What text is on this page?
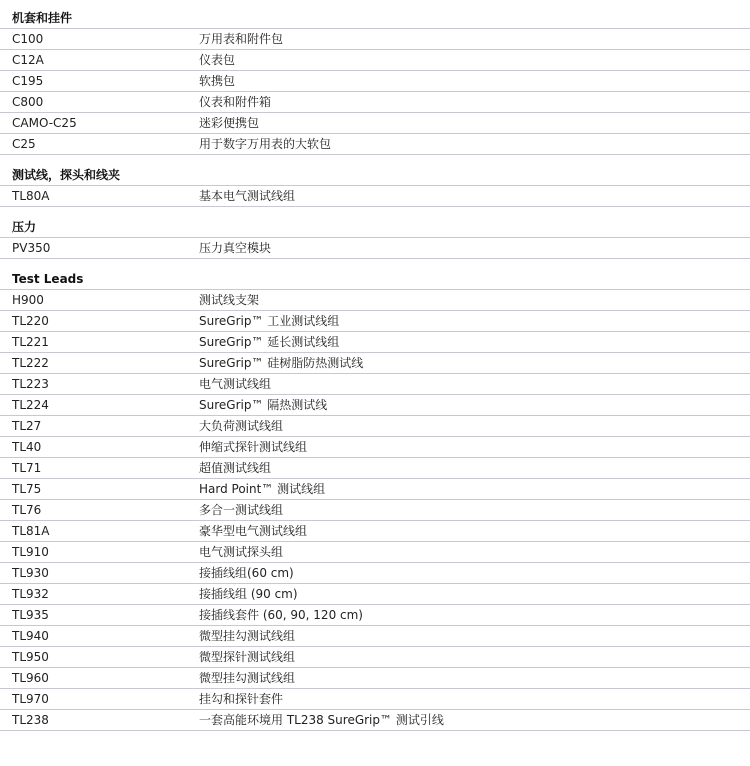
机套和挂件
C100	万用表和附件包
C12A	仪表包
C195	软携包
C800	仪表和附件箱
CAMO-C25	迷彩便携包
C25	用于数字万用表的大软包
测试线，探头和线夹
TL80A	基本电气测试线组
压力
PV350	压力真空模块
Test Leads
H900	测试线支架
TL220	SureGrip™ 工业测试线组
TL221	SureGrip™ 延长测试线组
TL222	SureGrip™ 硅树脂防热测试线
TL223	电气测试线组
TL224	SureGrip™ 隔热测试线
TL27	大负荷测试线组
TL40	伸缩式探针测试线组
TL71	超值测试线组
TL75	Hard Point™ 测试线组
TL76	多合一测试线组
TL81A	豪华型电气测试线组
TL910	电气测试探头组
TL930	接插线组(60 cm)
TL932	接插线组 (90 cm)
TL935	接插线套件 (60, 90, 120 cm)
TL940	微型挂勾测试线组
TL950	微型探针测试线组
TL960	微型挂勾测试线组
TL970	挂勾和探针套件
TL238	一套高能环境用 TL238 SureGrip™ 测试引线
